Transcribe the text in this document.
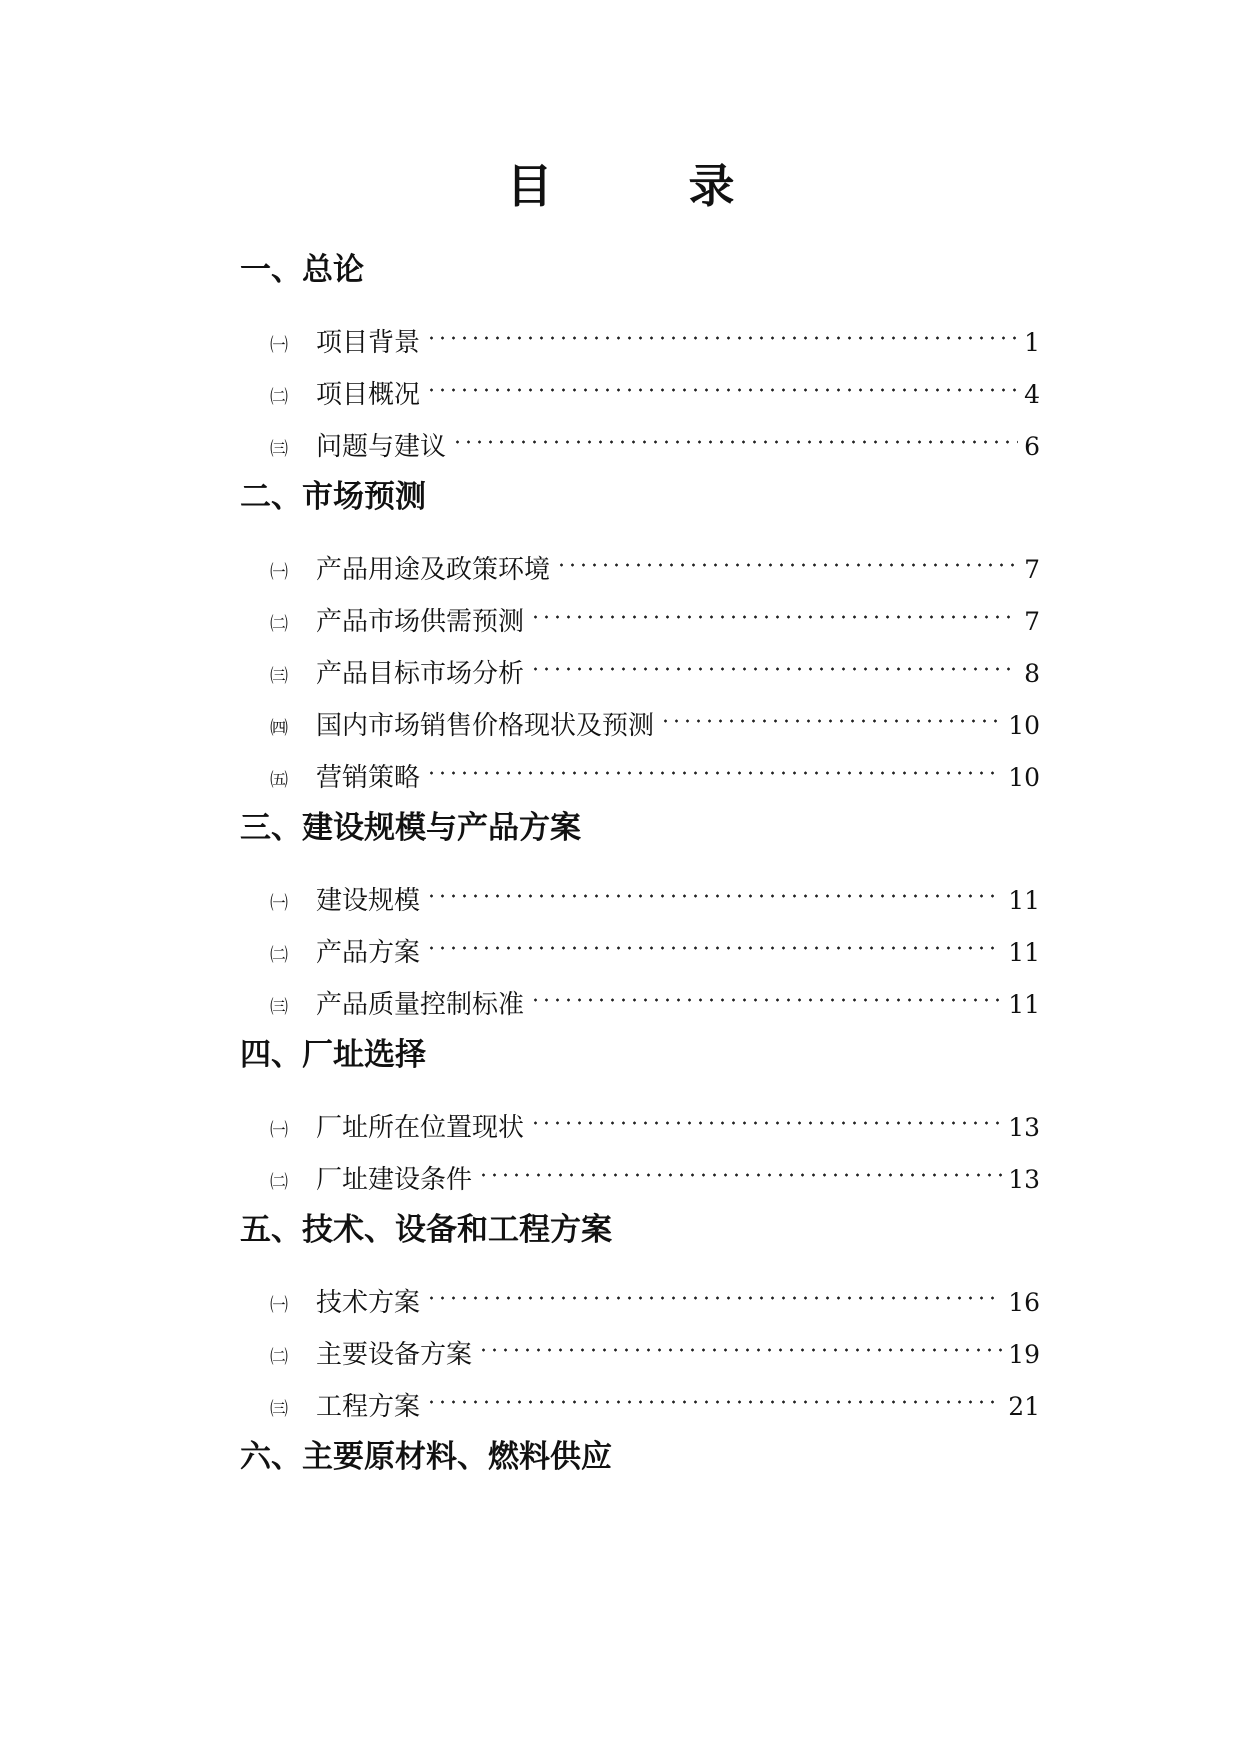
目 录
一、总论
㈠	项目背景	1
㈡	项目概况	4
㈢	问题与建议	6
二、市场预测
㈠	产品用途及政策环境	7
㈡	产品市场供需预测	7
㈢	产品目标市场分析	8
㈣	国内市场销售价格现状及预测	10
㈤	营销策略	10
三、建设规模与产品方案
㈠	建设规模	11
㈡	产品方案	11
㈢	产品质量控制标准	11
四、厂址选择
㈠	厂址所在位置现状	13
㈡	厂址建设条件	13
五、技术、设备和工程方案
㈠	技术方案	16
㈡	主要设备方案	19
㈢	工程方案	21
六、主要原材料、燃料供应
